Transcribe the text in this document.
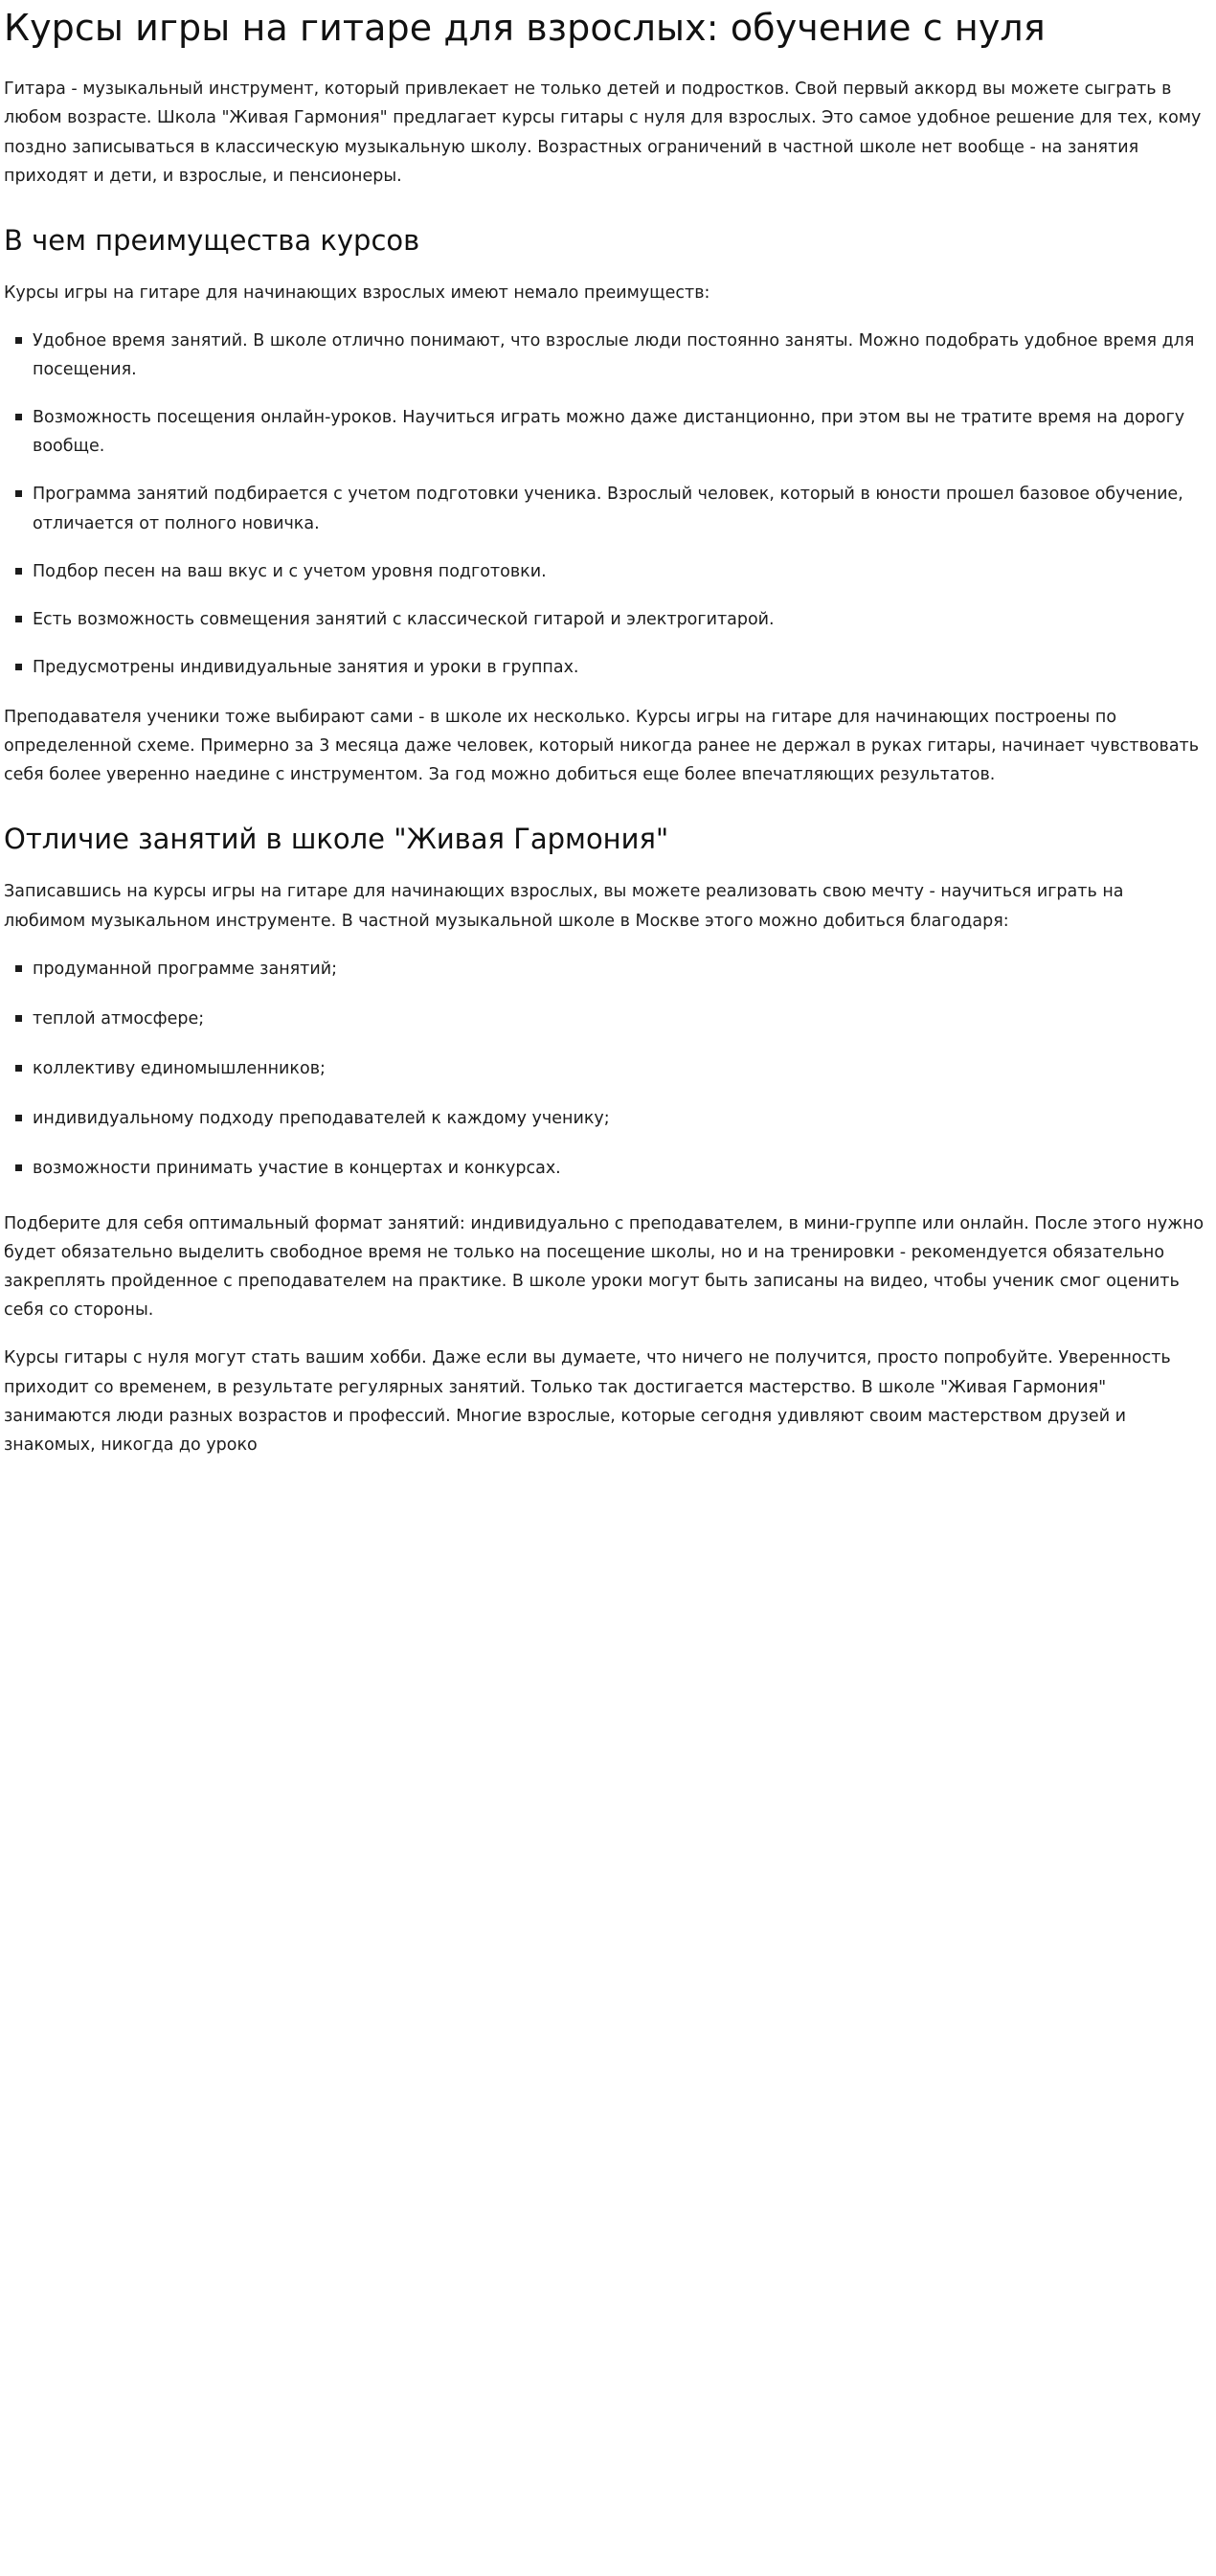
Курсы игры на гитаре для взрослых: обучение с нуля

Гитара - музыкальный инструмент, который привлекает не только детей и подростков. Свой первый аккорд вы можете сыграть в любом возрасте. Школа "Живая Гармония" предлагает курсы гитары с нуля для взрослых. Это самое удобное решение для тех, кому поздно записываться в классическую музыкальную школу. Возрастных ограничений в частной школе нет вообще - на занятия приходят и дети, и взрослые, и пенсионеры.

В чем преимущества курсов

Курсы игры на гитаре для начинающих взрослых имеют немало преимуществ:

Удобное время занятий. В школе отлично понимают, что взрослые люди постоянно заняты. Можно подобрать удобное время для посещения.
Возможность посещения онлайн-уроков. Научиться играть можно даже дистанционно, при этом вы не тратите время на дорогу вообще.
Программа занятий подбирается с учетом подготовки ученика. Взрослый человек, который в юности прошел базовое обучение, отличается от полного новичка.
Подбор песен на ваш вкус и с учетом уровня подготовки.
Есть возможность совмещения занятий с классической гитарой и электрогитарой.
Предусмотрены индивидуальные занятия и уроки в группах.

Преподавателя ученики тоже выбирают сами - в школе их несколько. Курсы игры на гитаре для начинающих построены по определенной схеме. Примерно за 3 месяца даже человек, который никогда ранее не держал в руках гитары, начинает чувствовать себя более уверенно наедине с инструментом. За год можно добиться еще более впечатляющих результатов.

Отличие занятий в школе "Живая Гармония"

Записавшись на курсы игры на гитаре для начинающих взрослых, вы можете реализовать свою мечту - научиться играть на любимом музыкальном инструменте. В частной музыкальной школе в Москве этого можно добиться благодаря:

продуманной программе занятий;
теплой атмосфере;
коллективу единомышленников;
индивидуальному подходу преподавателей к каждому ученику;
возможности принимать участие в концертах и конкурсах.

Подберите для себя оптимальный формат занятий: индивидуально с преподавателем, в мини-группе или онлайн. После этого нужно будет обязательно выделить свободное время не только на посещение школы, но и на тренировки - рекомендуется обязательно закреплять пройденное с преподавателем на практике. В школе уроки могут быть записаны на видео, чтобы ученик смог оценить себя со стороны.

Курсы гитары с нуля могут стать вашим хобби. Даже если вы думаете, что ничего не получится, просто попробуйте. Уверенность приходит со временем, в результате регулярных занятий. Только так достигается мастерство. В школе "Живая Гармония" занимаются люди разных возрастов и профессий. Многие взрослые, которые сегодня удивляют своим мастерством друзей и знакомых, никогда до уроко
